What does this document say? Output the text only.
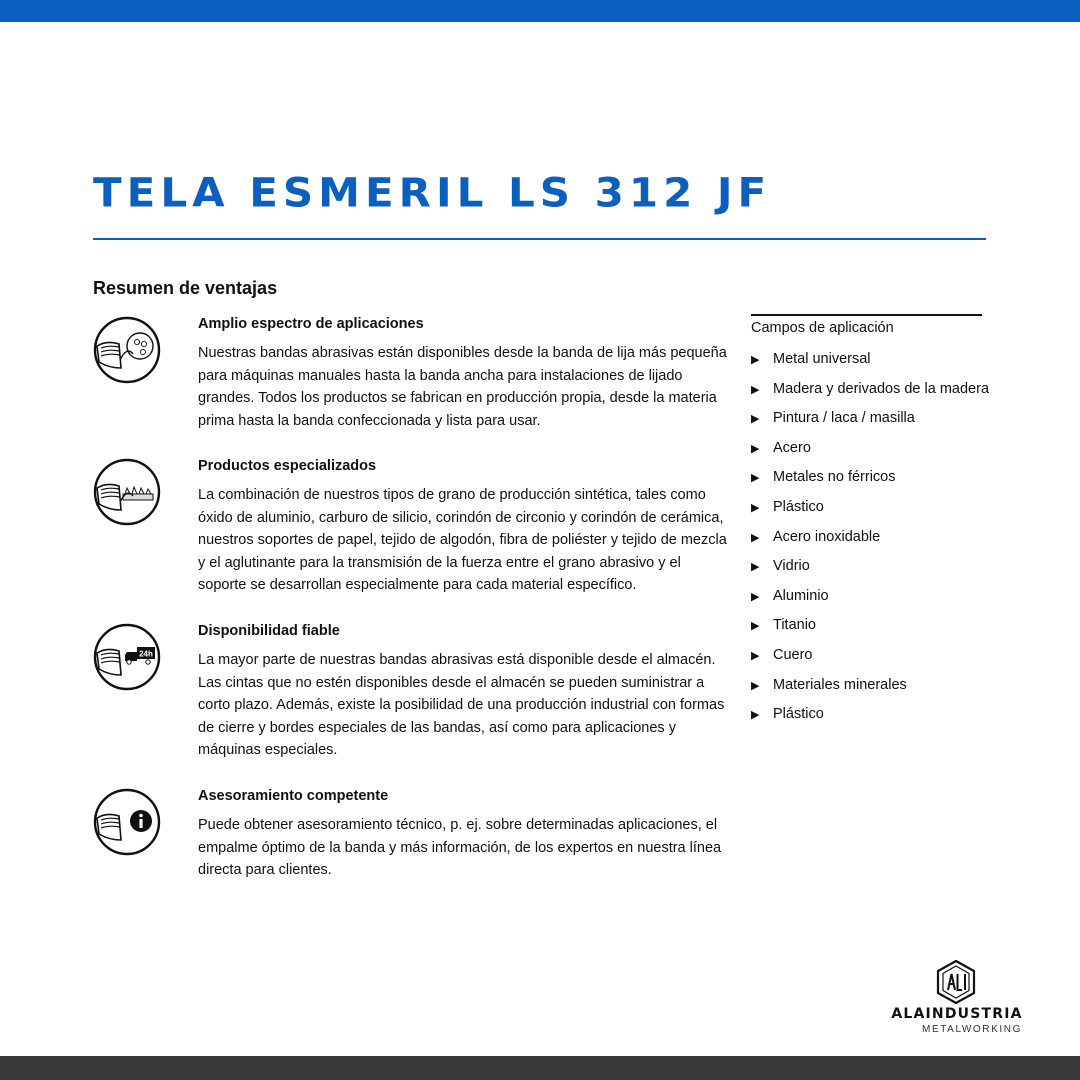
TELA ESMERIL LS 312 JF
Resumen de ventajas
Amplio espectro de aplicaciones
Nuestras bandas abrasivas están disponibles desde la banda de lija más pequeña para máquinas manuales hasta la banda ancha para instalaciones de lijado grandes. Todos los productos se fabrican en producción propia, desde la materia prima hasta la banda confeccionada y lista para usar.
Productos especializados
La combinación de nuestros tipos de grano de producción sintética, tales como óxido de aluminio, carburo de silicio, corindón de circonio y corindón de cerámica, nuestros soportes de papel, tejido de algodón, fibra de poliéster y tejido de mezcla y el aglutinante para la transmisión de la fuerza entre el grano abrasivo y el soporte se desarrollan especialmente para cada material específico.
24h
Disponibilidad fiable
La mayor parte de nuestras bandas abrasivas está disponible desde el almacén. Las cintas que no estén disponibles desde el almacén se pueden suministrar a corto plazo. Además, existe la posibilidad de una producción industrial con formas de cierre y bordes especiales de las bandas, así como para aplicaciones y máquinas especiales.
Asesoramiento competente
Puede obtener asesoramiento técnico, p. ej. sobre determinadas aplicaciones, el empalme óptimo de la banda y más información, de los expertos en nuestra línea directa para clientes.
Campos de aplicación
▶ Metal universal
▶ Madera y derivados de la madera
▶ Pintura / laca / masilla
▶ Acero
▶ Metales no férricos
▶ Plástico
▶ Acero inoxidable
▶ Vidrio
▶ Aluminio
▶ Titanio
▶ Cuero
▶ Materiales minerales
▶ Plástico
ALAINDUSTRIA
METALWORKING
